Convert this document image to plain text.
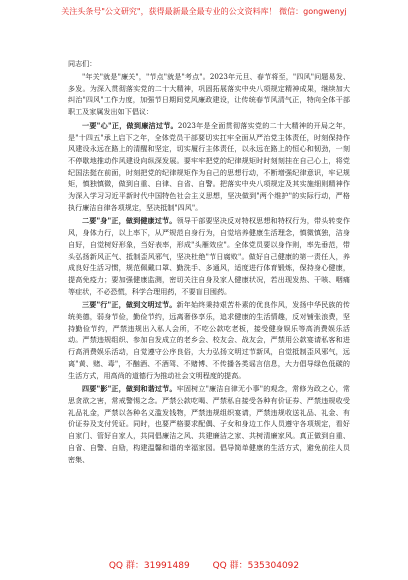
关注头条号"公文研究"，获得最新最全最专业的公文资料库！ 微信：gongwenyj

同志们：

"年关"就是"廉关"，"节点"就是"考点"。2023年元旦、春节将至，"四风"问题易发、多发。为深入贯彻落实党的二十大精神，巩固拓展落实中央八项规定精神成果，继续加大纠治"四风"工作力度，加强节日期间党风廉政建设，让传统春节风清气正，特向全体干部职工及家属发出如下倡议：

一要"心"正，做到廉洁过节。2023年是全面贯彻落实党的二十大精神的开局之年，是"十四五"承上启下之年，全体党员干部要切实扛牢全面从严治党主体责任，时刻保持作风建设永远在路上的清醒和坚定，切实履行主体责任，以永远在路上的恒心和韧劲，一刻不停歇地推动作风建设向纵深发展。要牢牢把党的纪律规矩时时刻刻挂在自己心上，将党纪国法挺在前面，时刻把党的纪律规矩作为自己的思想行动，不断增强纪律意识，牢记规矩，慎独慎微，做到自重、自律、自省、自警。把落实中央八项规定及其实施细则精神作为深入学习习近平新时代中国特色社会主义思想，坚决做到"两个维护"的实际行动，严格执行廉洁自律各项规定，坚决抵制"四风"。

二要"身"正，做到健康过节。领导干部要坚决反对特权思想和特权行为，带头转变作风，身体力行，以上率下，从严规范自身行为，自觉培养健康生活理念，慎微慎独，洁身自好，自觉树好形象，当好表率，形成"头雁效应"。全体党员要以身作则，率先垂范，带头弘扬新风正气、抵制歪风邪气，坚决杜绝"节日腐败"。做好自己健康的第一责任人，养成良好生活习惯，规范佩戴口罩、勤洗手、多通风，适度进行体育锻炼，保持身心健康，提高免疫力；要加强健康监测，密切关注自身及家人健康状况，若出现发热、干咳、咽痛等症状，不必恐慌，科学合理用药，不要盲目囤药。

三要"行"正，做到文明过节。新年始终秉持艰苦朴素的优良作风，发扬中华民族的传统美德，弱身节俭，勤俭节约，远离奢侈享乐，追求健康的生活情趣，反对铺张浪费，坚持勤俭节约，严禁违规出入私人会所，不吃公款吃老板，接受健身娱乐等高消费娱乐活动。严禁违规组织、参加自发成立的老乡会、校友会、战友会，严禁用公款宴请私客和进行高消费娱乐活动，自觉遵守公序良俗，大力弘扬文明过节新风，自觉抵制歪风邪气，远离"黄、赌、毒"，不酗酒、不酒驾、不赌博、不传播各类谣言信息，大力倡导绿色低碳的生活方式，用高尚的道德行为推动社会文明程度的提高。

四要"影"正，做到和谐过节。牢固树立"廉洁自律无小事"的观念，常修为政之心，常思贪欲之害，常戒警惕之念。严禁公款吃喝、严禁私自接受各种有价证券、严禁违规收受礼品礼金，严禁以各种名义滥发钱物，严禁违规组织宴请，严禁违规收送礼品、礼金、有价证券及支付凭证。同时，也要严格要求配偶、子女和身边工作人员遵守各项规定，看好自家门、管好自家人，共同倡廉洁之风、共建廉洁之家、共树清廉家风。真正做到自重、自省、自警、自励，构建温馨和谐的幸福家园。倡导简单健康的生活方式，避免前往人员密集、

QQ 群：31991489	QQ 群：535304092
